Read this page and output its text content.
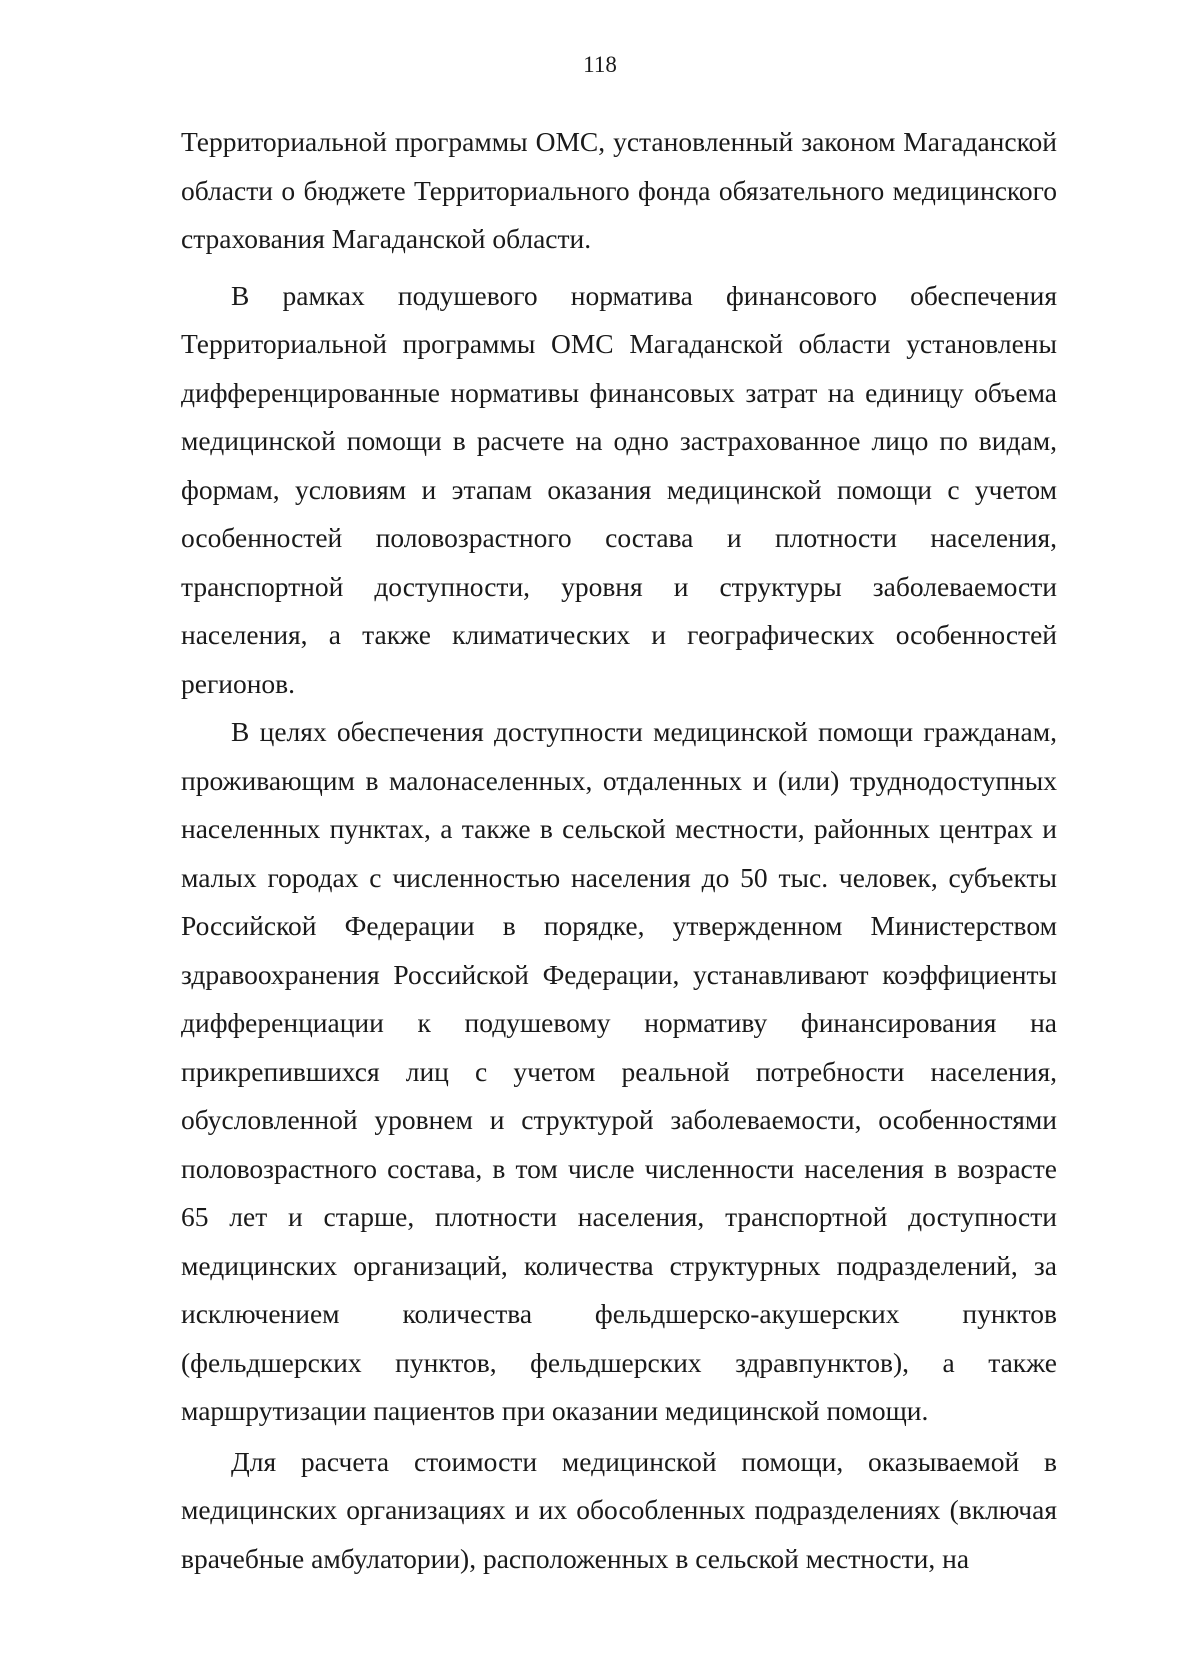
118

Территориальной программы ОМС, установленный законом Магаданской области о бюджете Территориального фонда обязательного медицинского страхования Магаданской области.

В рамках подушевого норматива финансового обеспечения Территориальной программы ОМС Магаданской области установлены дифференцированные нормативы финансовых затрат на единицу объема медицинской помощи в расчете на одно застрахованное лицо по видам, формам, условиям и этапам оказания медицинской помощи с учетом особенностей половозрастного состава и плотности населения, транспортной доступности, уровня и структуры заболеваемости населения, а также климатических и географических особенностей регионов.

В целях обеспечения доступности медицинской помощи гражданам, проживающим в малонаселенных, отдаленных и (или) труднодоступных населенных пунктах, а также в сельской местности, районных центрах и малых городах с численностью населения до 50 тыс. человек, субъекты Российской Федерации в порядке, утвержденном Министерством здравоохранения Российской Федерации, устанавливают коэффициенты дифференциации к подушевому нормативу финансирования на прикрепившихся лиц с учетом реальной потребности населения, обусловленной уровнем и структурой заболеваемости, особенностями половозрастного состава, в том числе численности населения в возрасте 65 лет и старше, плотности населения, транспортной доступности медицинских организаций, количества структурных подразделений, за исключением количества фельдшерско-акушерских пунктов (фельдшерских пунктов, фельдшерских здравпунктов), а также маршрутизации пациентов при оказании медицинской помощи.

Для расчета стоимости медицинской помощи, оказываемой в медицинских организациях и их обособленных подразделениях (включая врачебные амбулатории), расположенных в сельской местности, на
